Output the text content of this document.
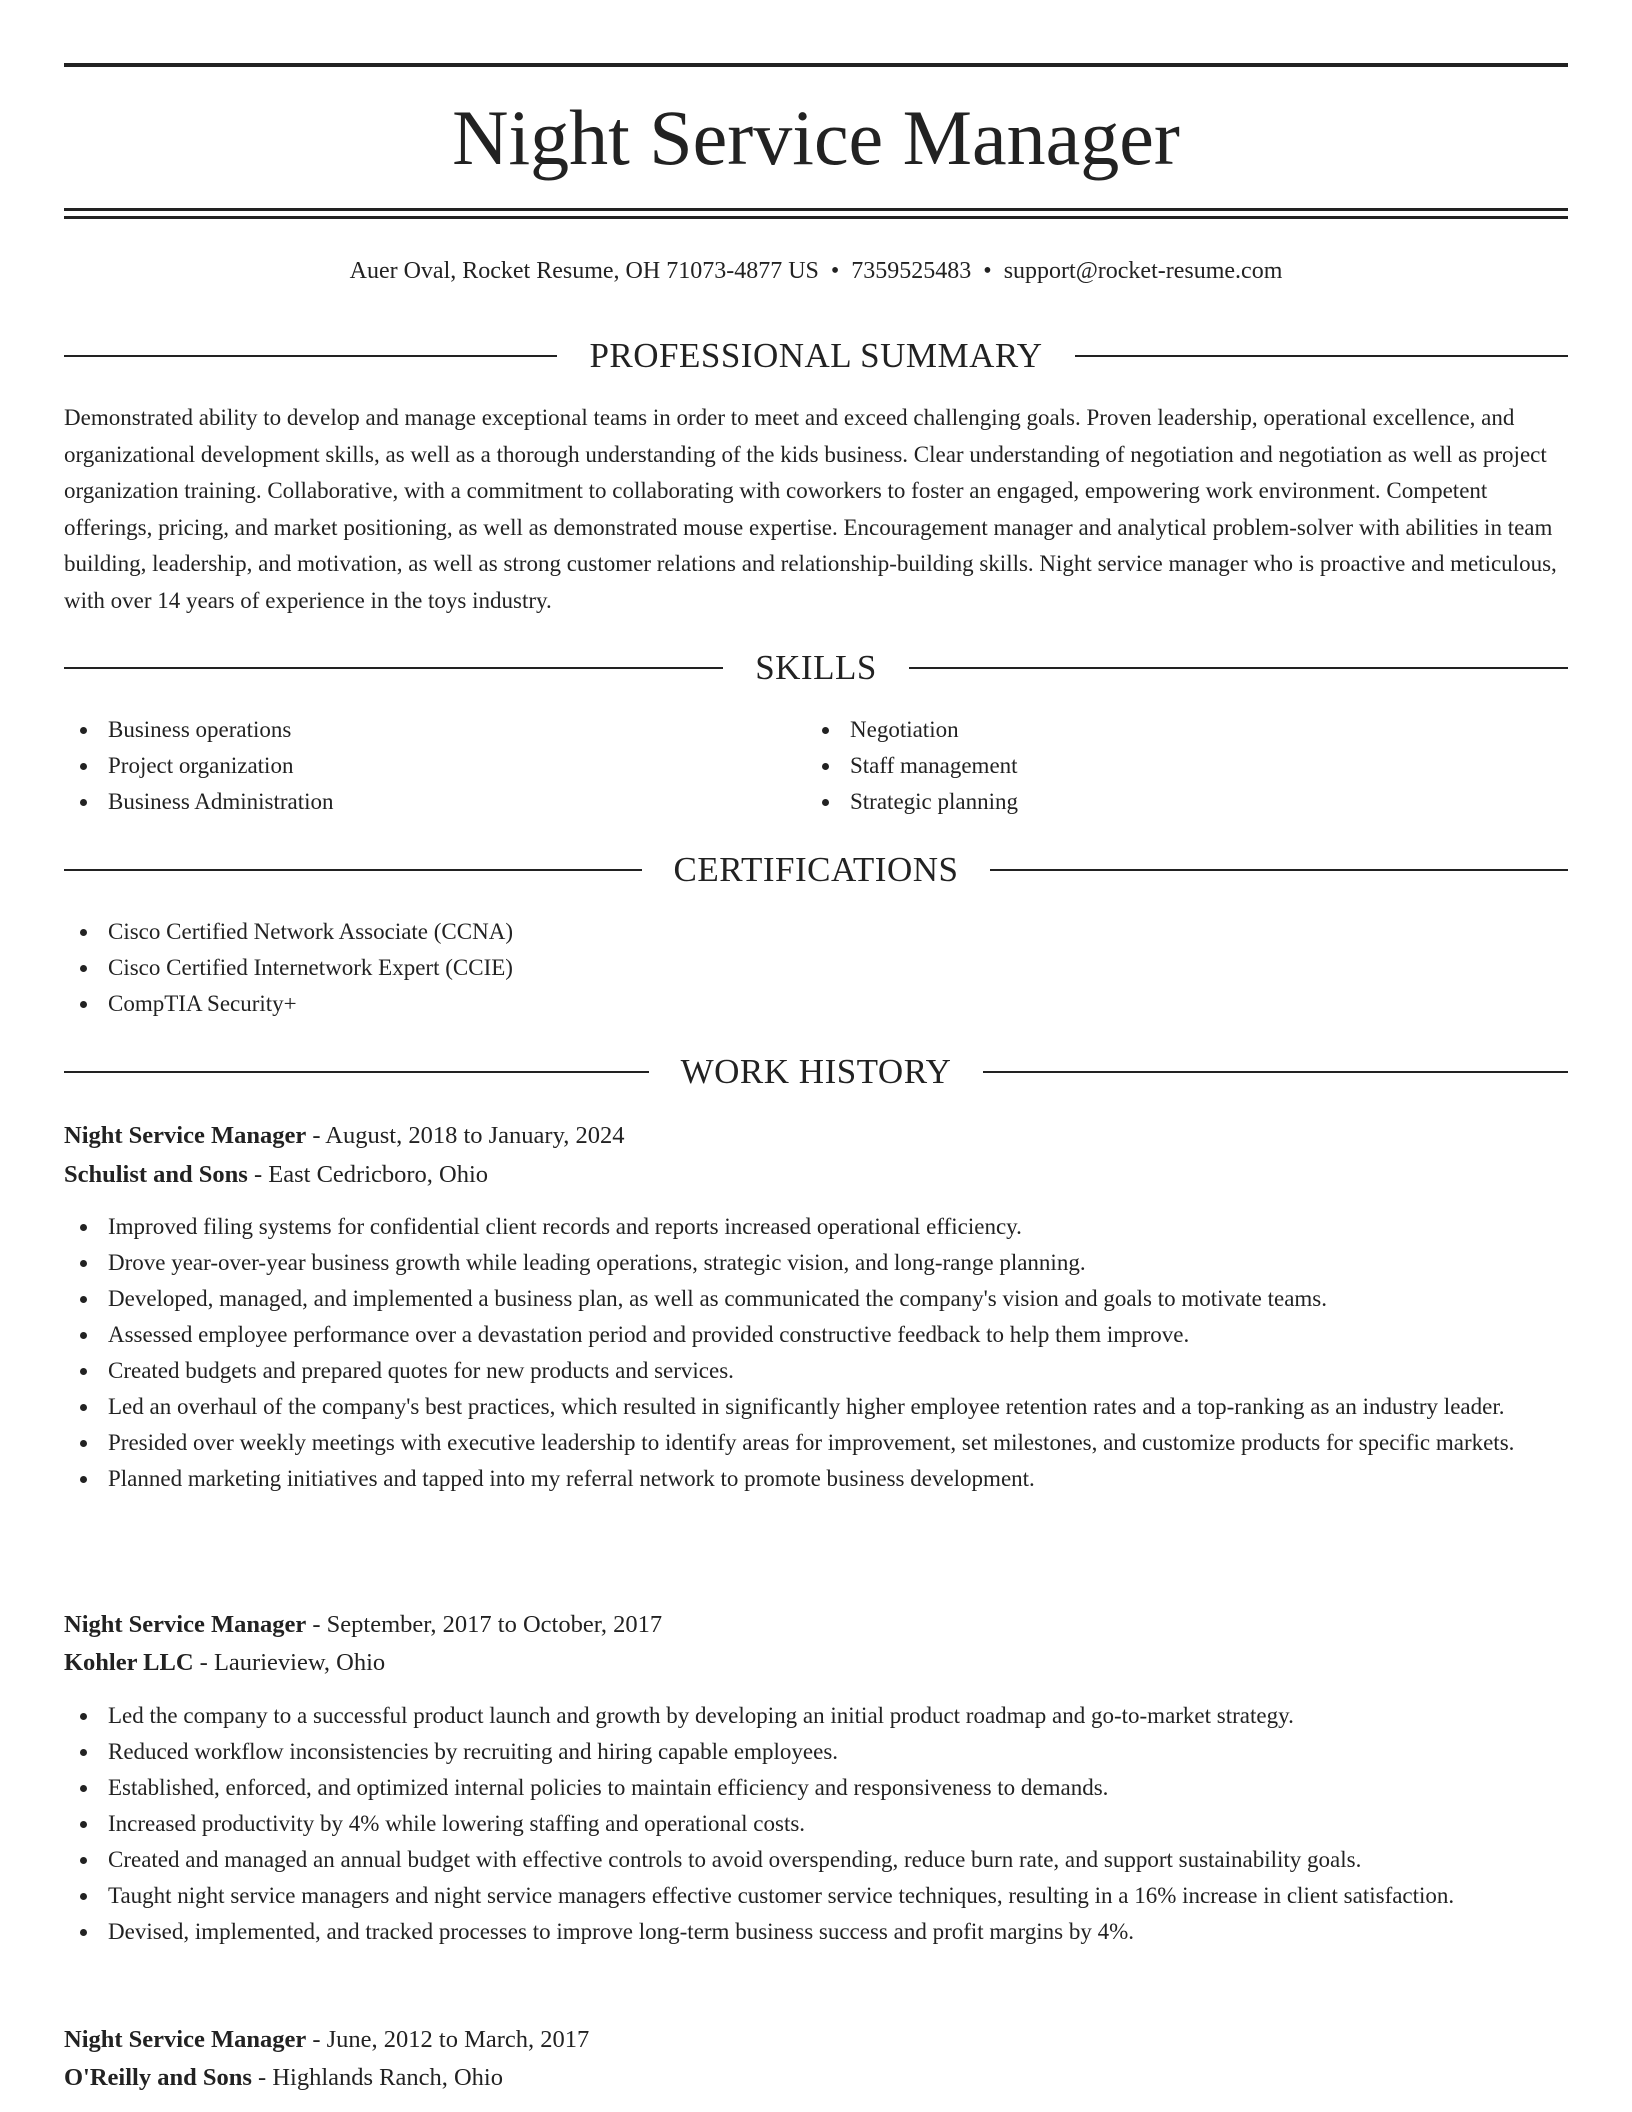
Night Service Manager
Auer Oval, Rocket Resume, OH 71073-4877 US • 7359525483 • support@rocket-resume.com
PROFESSIONAL SUMMARY

Demonstrated ability to develop and manage exceptional teams in order to meet and exceed challenging goals. Proven leadership, operational excellence, and organizational development skills, as well as a thorough understanding of the kids business. Clear understanding of negotiation and negotiation as well as project organization training. Collaborative, with a commitment to collaborating with coworkers to foster an engaged, empowering work environment. Competent offerings, pricing, and market positioning, as well as demonstrated mouse expertise. Encouragement manager and analytical problem-solver with abilities in team building, leadership, and motivation, as well as strong customer relations and relationship-building skills. Night service manager who is proactive and meticulous, with over 14 years of experience in the toys industry.

SKILLS
Business operations
Project organization
Business Administration
Negotiation
Staff management
Strategic planning
CERTIFICATIONS
Cisco Certified Network Associate (CCNA)
Cisco Certified Internetwork Expert (CCIE)
CompTIA Security+
WORK HISTORY
Night Service Manager - August, 2018 to January, 2024
Schulist and Sons - East Cedricboro, Ohio
Improved filing systems for confidential client records and reports increased operational efficiency.
Drove year-over-year business growth while leading operations, strategic vision, and long-range planning.
Developed, managed, and implemented a business plan, as well as communicated the company's vision and goals to motivate teams.
Assessed employee performance over a devastation period and provided constructive feedback to help them improve.
Created budgets and prepared quotes for new products and services.
Led an overhaul of the company's best practices, which resulted in significantly higher employee retention rates and a top-ranking as an industry leader.
Presided over weekly meetings with executive leadership to identify areas for improvement, set milestones, and customize products for specific markets.
Planned marketing initiatives and tapped into my referral network to promote business development.
Night Service Manager - September, 2017 to October, 2017
Kohler LLC - Laurieview, Ohio
Led the company to a successful product launch and growth by developing an initial product roadmap and go-to-market strategy.
Reduced workflow inconsistencies by recruiting and hiring capable employees.
Established, enforced, and optimized internal policies to maintain efficiency and responsiveness to demands.
Increased productivity by 4% while lowering staffing and operational costs.
Created and managed an annual budget with effective controls to avoid overspending, reduce burn rate, and support sustainability goals.
Taught night service managers and night service managers effective customer service techniques, resulting in a 16% increase in client satisfaction.
Devised, implemented, and tracked processes to improve long-term business success and profit margins by 4%.
Night Service Manager - June, 2012 to March, 2017
O'Reilly and Sons - Highlands Ranch, Ohio
